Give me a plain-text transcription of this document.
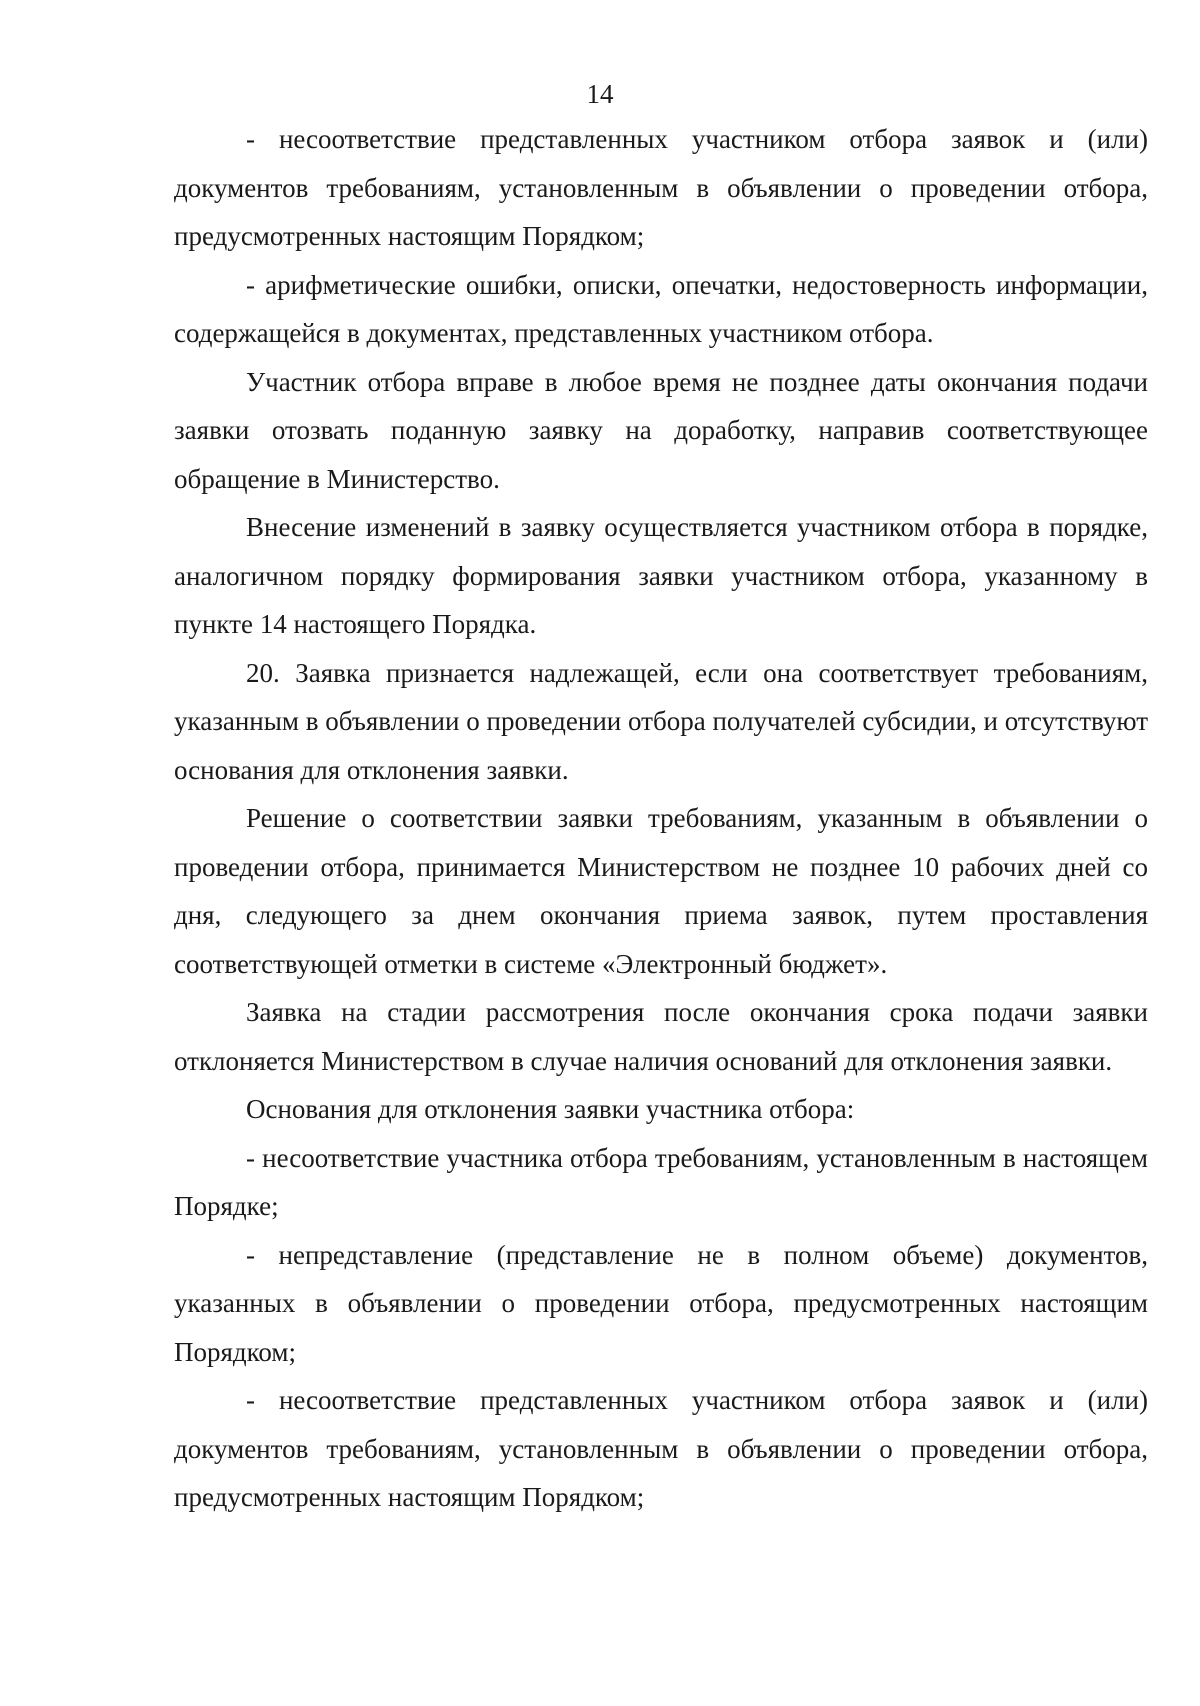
14

- несоответствие представленных участником отбора заявок и (или) документов требованиям, установленным в объявлении о проведении отбора, предусмотренных настоящим Порядком;

- арифметические ошибки, описки, опечатки, недостоверность информации, содержащейся в документах, представленных участником отбора.

Участник отбора вправе в любое время не позднее даты окончания подачи заявки отозвать поданную заявку на доработку, направив соответствующее обращение в Министерство.

Внесение изменений в заявку осуществляется участником отбора в порядке, аналогичном порядку формирования заявки участником отбора, указанному в пункте 14 настоящего Порядка.

20. Заявка признается надлежащей, если она соответствует требованиям, указанным в объявлении о проведении отбора получателей субсидии, и отсутствуют основания для отклонения заявки.

Решение о соответствии заявки требованиям, указанным в объявлении о проведении отбора, принимается Министерством не позднее 10 рабочих дней со дня, следующего за днем окончания приема заявок, путем проставления соответствующей отметки в системе «Электронный бюджет».

Заявка на стадии рассмотрения после окончания срока подачи заявки отклоняется Министерством в случае наличия оснований для отклонения заявки.

Основания для отклонения заявки участника отбора:

- несоответствие участника отбора требованиям, установленным в настоящем Порядке;

- непредставление (представление не в полном объеме) документов, указанных в объявлении о проведении отбора, предусмотренных настоящим Порядком;

- несоответствие представленных участником отбора заявок и (или) документов требованиям, установленным в объявлении о проведении отбора, предусмотренных настоящим Порядком;
